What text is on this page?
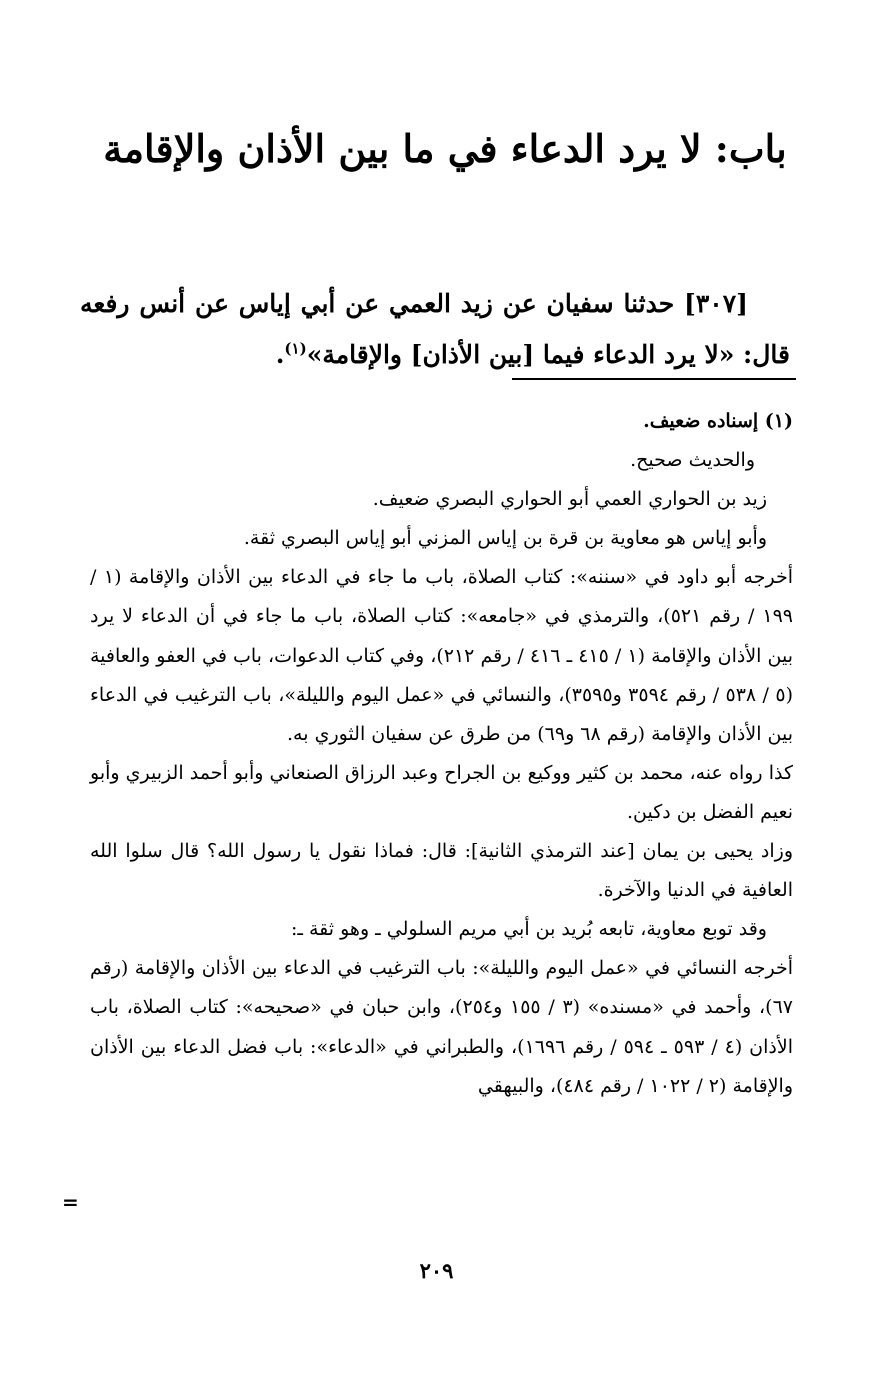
باب: لا يرد الدعاء في ما بين الأذان والإقامة

[٣٠٧] حدثنا سفيان عن زيد العمي عن أبي إياس عن أنس رفعه قال: «لا يرد الدعاء فيما [بين الأذان] والإقامة»$^{(١)}$.

(١) إسناده ضعيف.

والحديث صحيح.

زيد بن الحواري العمي أبو الحواري البصري ضعيف.

وأبو إياس هو معاوية بن قرة بن إياس المزني أبو إياس البصري ثقة.

أخرجه أبو داود في «سننه»: كتاب الصلاة، باب ما جاء في الدعاء بين الأذان والإقامة (١ / ١٩٩ / رقم ٥٢١)، والترمذي في «جامعه»: كتاب الصلاة، باب ما جاء في أن الدعاء لا يرد بين الأذان والإقامة (١ / ٤١٥ ـ ٤١٦ / رقم ٢١٢)، وفي كتاب الدعوات، باب في العفو والعافية (٥ / ٥٣٨ / رقم ٣٥٩٤ و٣٥٩٥)، والنسائي في «عمل اليوم والليلة»، باب الترغيب في الدعاء بين الأذان والإقامة (رقم ٦٨ و٦٩) من طرق عن سفيان الثوري به.

كذا رواه عنه، محمد بن كثير ووكيع بن الجراح وعبد الرزاق الصنعاني وأبو أحمد الزبيري وأبو نعيم الفضل بن دكين.

وزاد يحيى بن يمان [عند الترمذي الثانية]: قال: فماذا نقول يا رسول الله؟ قال سلوا الله العافية في الدنيا والآخرة.

وقد توبع معاوية، تابعه بُريد بن أبي مريم السلولي ـ وهو ثقة ـ:

أخرجه النسائي في «عمل اليوم والليلة»: باب الترغيب في الدعاء بين الأذان والإقامة (رقم ٦٧)، وأحمد في «مسنده» (٣ / ١٥٥ و٢٥٤)، وابن حبان في «صحيحه»: كتاب الصلاة، باب الأذان (٤ / ٥٩٣ ـ ٥٩٤ / رقم ١٦٩٦)، والطبراني في «الدعاء»: باب فضل الدعاء بين الأذان والإقامة (٢ / ١٠٢٢ / رقم ٤٨٤)، والبيهقي

=
٢٠٩
